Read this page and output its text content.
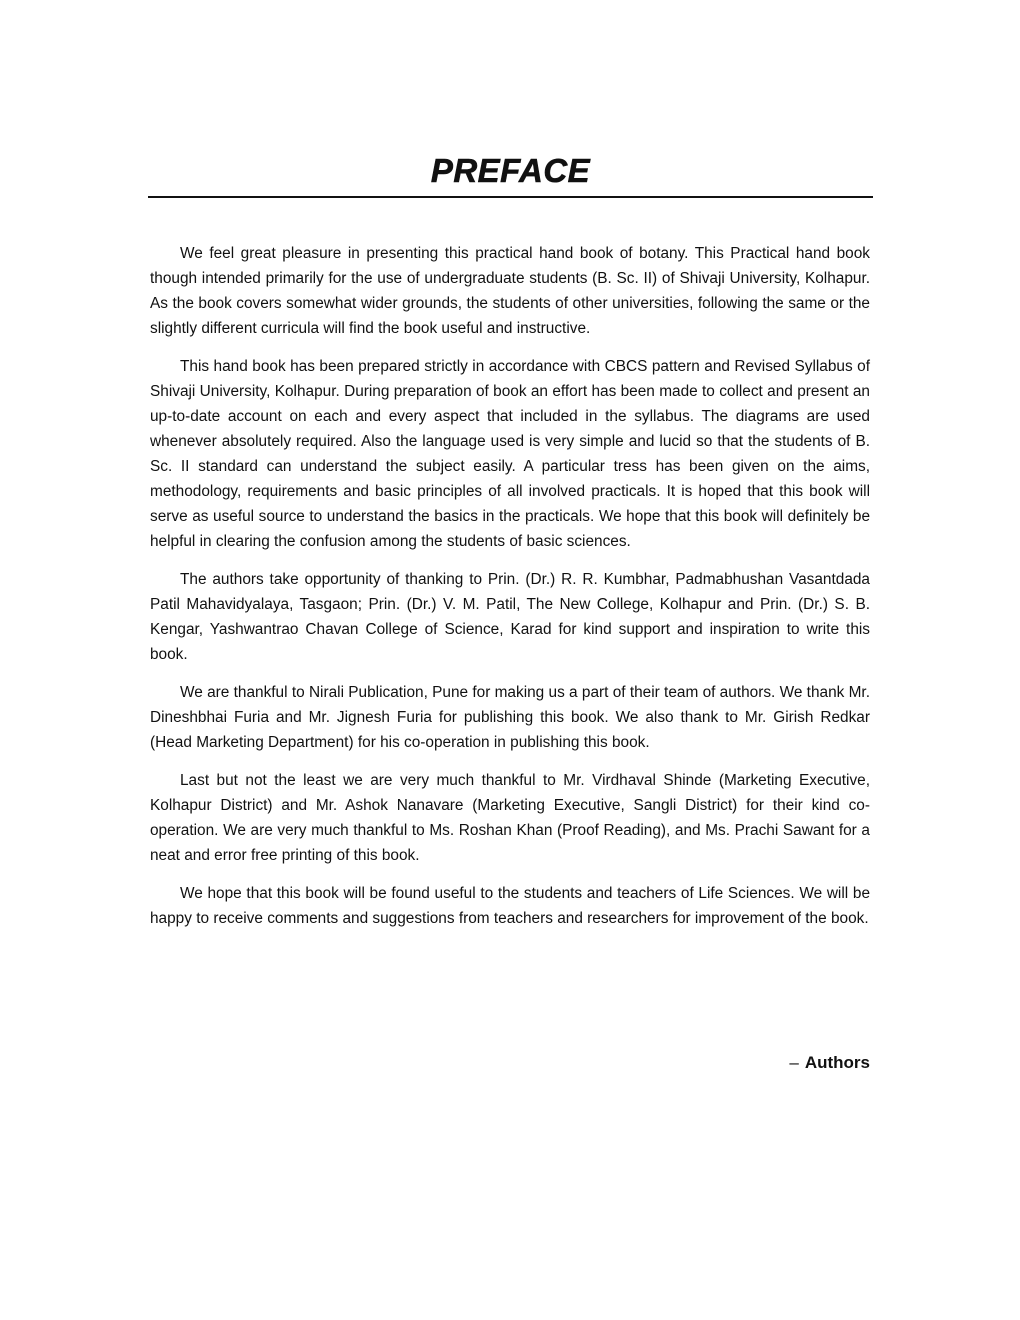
PREFACE

We feel great pleasure in presenting this practical hand book of botany. This Practical hand book though intended primarily for the use of undergraduate students (B. Sc. II) of Shivaji University, Kolhapur. As the book covers somewhat wider grounds, the students of other universities, following the same or the slightly different curricula will find the book useful and instructive.

This hand book has been prepared strictly in accordance with CBCS pattern and Revised Syllabus of Shivaji University, Kolhapur. During preparation of book an effort has been made to collect and present an up-to-date account on each and every aspect that included in the syllabus. The diagrams are used whenever absolutely required. Also the language used is very simple and lucid so that the students of B. Sc. II standard can understand the subject easily. A particular tress has been given on the aims, methodology, requirements and basic principles of all involved practicals. It is hoped that this book will serve as useful source to understand the basics in the practicals. We hope that this book will definitely be helpful in clearing the confusion among the students of basic sciences.

The authors take opportunity of thanking to Prin. (Dr.) R. R. Kumbhar, Padmabhushan Vasantdada Patil Mahavidyalaya, Tasgaon; Prin. (Dr.) V. M. Patil, The New College, Kolhapur and Prin. (Dr.) S. B. Kengar, Yashwantrao Chavan College of Science, Karad for kind support and inspiration to write this book.

We are thankful to Nirali Publication, Pune for making us a part of their team of authors. We thank Mr. Dineshbhai Furia and Mr. Jignesh Furia for publishing this book. We also thank to Mr. Girish Redkar (Head Marketing Department) for his co-operation in publishing this book.

Last but not the least we are very much thankful to Mr. Virdhaval Shinde (Marketing Executive, Kolhapur District) and Mr. Ashok Nanavare (Marketing Executive, Sangli District) for their kind co-operation. We are very much thankful to Ms. Roshan Khan (Proof Reading), and Ms. Prachi Sawant for a neat and error free printing of this book.

We hope that this book will be found useful to the students and teachers of Life Sciences. We will be happy to receive comments and suggestions from teachers and researchers for improvement of the book.

– Authors
